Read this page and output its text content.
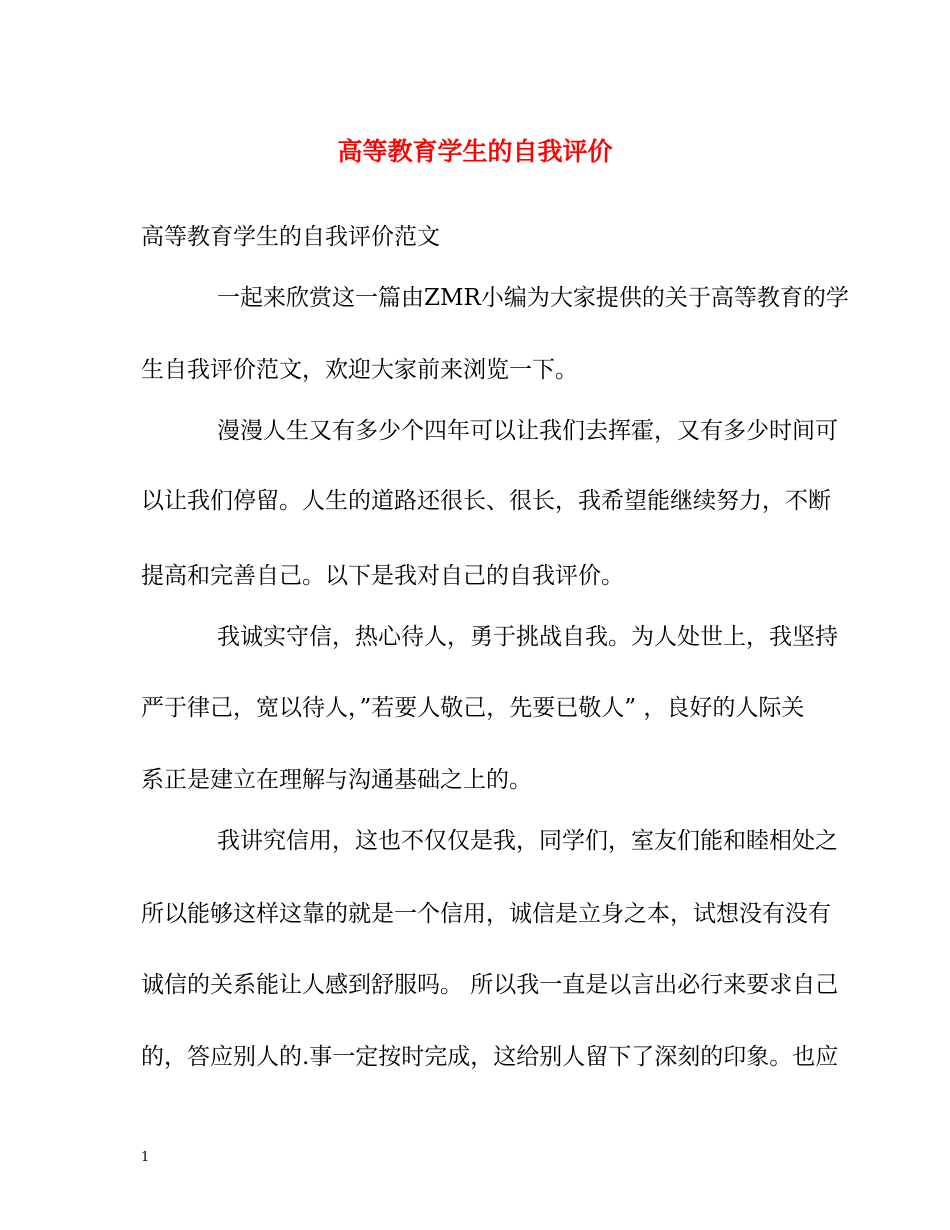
高等教育学生的自我评价
高等教育学生的自我评价范文
一起来欣赏这一篇由ZMR小编为大家提供的关于高等教育的学
生自我评价范文，欢迎大家前来浏览一下。
漫漫人生又有多少个四年可以让我们去挥霍，又有多少时间可
以让我们停留。人生的道路还很长、很长，我希望能继续努力，不断
提高和完善自己。以下是我对自己的自我评价。
我诚实守信，热心待人，勇于挑战自我。为人处世上，我坚持
严于律己，宽以待人，”若要人敬己，先要已敬人” ，良好的人际关
系正是建立在理解与沟通基础之上的。
我讲究信用，这也不仅仅是我，同学们，室友们能和睦相处之
所以能够这样这靠的就是一个信用，诚信是立身之本，试想没有没有
诚信的关系能让人感到舒服吗。 所以我一直是以言出必行来要求自己
的，答应别人的.事一定按时完成，这给别人留下了深刻的印象。也应
1
